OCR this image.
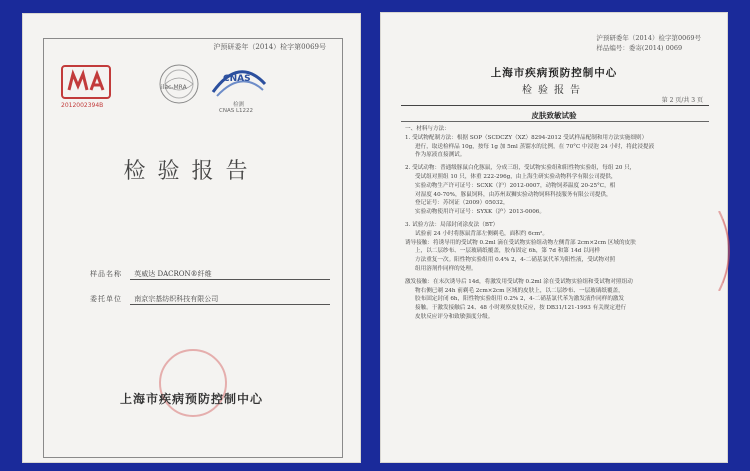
沪预研委年（2014）检字第0069号
2012002394B
ilac-MRA
CNAS
检测
CNAS L1222
检验报告
样品名称 英威达 DACRON®纤维
委托单位 南京宗基纺织科技有限公司
上海市疾病预防控制中心
沪预研委年（2014）检字第0069号
样品编号：委寄(2014) 0069
上海市疾病预防控制中心
检验报告
第 2 页/共 3 页
皮肤致敏试验
一、材料与方法：
1. 受试物配制方法：根据 SOP（SCDCZY（XZ）8294-2012 受试样品配制和用方法实施细则）
进行，取送检样品 10g，按每 1g 加 5ml 蒸馏水的比例，在 70°C 中浸泡 24 小时，将此浸提液
作为原液直接测试。
2. 受试动物：普通级豚鼠白化豚鼠，分成三组，受试物实验组和阳性物实验组，每组 20 只，
受试组对照组 10 只，体重 222-296g，由上海生研实验动物科学有限公司提供，
实验动物生产许可证号：SCXK（沪）2012-0007，动物饲养温度 20-25°C，相
对湿度 40-70%，豚鼠饲料，由苏州双狮实验动物饲料科技服务有限公司提供，
登记证号：苏饲证（2009）05032，
实验动物使用许可证号：SYXK（沪）2013-0006。
3. 试验方法：局部封闭涂皮法（BT）
试验前 24 小时将豚鼠背部左侧剃毛，面积约 6cm²。
诱导接触：将诱导用的受试物 0.2ml 滴在受试物实验组动物左侧背部 2cm×2cm 区域的皮肤
上，以二层纱布、一层玻璃纸覆盖，胶布固定 6h，第 7d 和第 14d 以同样
方法重复一次。阳性物实验组用 0.4% 2，4-二硝基氯代苯为阳性液，受试物对照
组用溶剂作同样的处理。
激发接触：在末次诱导后 14d，将激发用受试物 0.2ml 涂在受试物实验组和受试物对照组动
物右侧已剃 24h 前剃毛 2cm×2cm 区域的皮肤上，以二层纱布、一层玻璃纸覆盖，
胶布固定封闭 6h，阳性物实验组用 0.2% 2，4-二硝基氯代苯为激发液作同样的激发
接触。于激发接触后 24、48 小时观察皮肤反应，按 DB31/121-1993 有关规定进行
皮肤反应评分和致敏强度分级。
